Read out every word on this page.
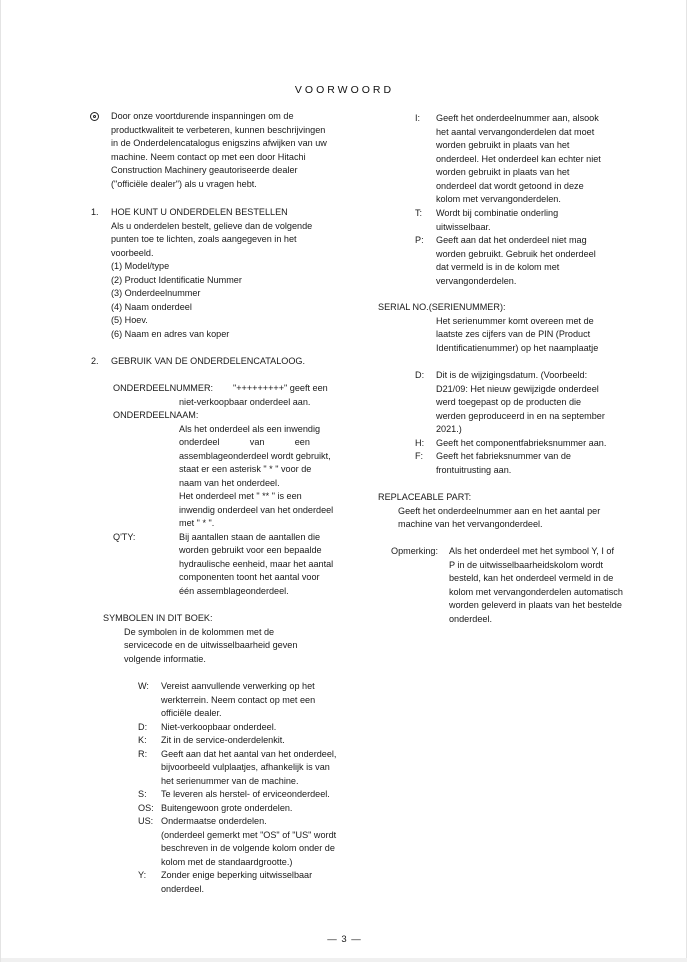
VOORWOORD
Door onze voortdurende inspanningen om de
productkwaliteit te verbeteren, kunnen beschrijvingen
in de Onderdelencatalogus enigszins afwijken van uw
machine. Neem contact op met een door Hitachi
Construction Machinery geautoriseerde dealer
("officiële dealer") als u vragen hebt.
1. HOE KUNT U ONDERDELEN BESTELLEN
Als u onderdelen bestelt, gelieve dan de volgende
punten toe te lichten, zoals aangegeven in het
voorbeeld.
(1) Model/type
(2) Product Identificatie Nummer
(3) Onderdeelnummer
(4) Naam onderdeel
(5) Hoev.
(6) Naam en adres van koper
2. GEBRUIK VAN DE ONDERDELENCATALOOG.
ONDERDEELNUMMER: "+++++++++" geeft een
niet-verkoopbaar onderdeel aan.
ONDERDEELNAAM:
Als het onderdeel als een inwendig
onderdeel            van            een
assemblageonderdeel wordt gebruikt,
staat er een asterisk " * " voor de
naam van het onderdeel.
Het onderdeel met " ** " is een
inwendig onderdeel van het onderdeel
met " * ".
Q'TY:	Bij aantallen staan de aantallen die
worden gebruikt voor een bepaalde
hydraulische eenheid, maar het aantal
componenten toont het aantal voor
één assemblageonderdeel.
SYMBOLEN IN DIT BOEK:
De symbolen in de kolommen met de
servicecode en de uitwisselbaarheid geven
volgende informatie.
W: Vereist aanvullende verwerking op het
werkterrein. Neem contact op met een
officiële dealer.
D: Niet-verkoopbaar onderdeel.
K: Zit in de service-onderdelenkit.
R: Geeft aan dat het aantal van het onderdeel,
bijvoorbeeld vulplaatjes, afhankelijk is van
het serienummer van de machine.
S: Te leveren als herstel- of erviceonderdeel.
OS: Buitengewoon grote onderdelen.
US: Ondermaatse onderdelen.
(onderdeel gemerkt met "OS" of "US" wordt
beschreven in de volgende kolom onder de
kolom met de standaardgrootte.)
Y: Zonder enige beperking uitwisselbaar
onderdeel.
I: Geeft het onderdeelnummer aan, alsook
het aantal vervangonderdelen dat moet
worden gebruikt in plaats van het
onderdeel. Het onderdeel kan echter niet
worden gebruikt in plaats van het
onderdeel dat wordt getoond in deze
kolom met vervangonderdelen.
T: Wordt bij combinatie onderling
uitwisselbaar.
P: Geeft aan dat het onderdeel niet mag
worden gebruikt. Gebruik het onderdeel
dat vermeld is in de kolom met
vervangonderdelen.
SERIAL NO.(SERIENUMMER):
Het serienummer komt overeen met de
laatste zes cijfers van de PIN (Product
Identificatienummer) op het naamplaatje
D: Dit is de wijzigingsdatum. (Voorbeeld:
D21/09: Het nieuw gewijzigde onderdeel
werd toegepast op de producten die
werden geproduceerd in en na september
2021.)
H: Geeft het componentfabrieksnummer aan.
F: Geeft het fabrieksnummer van de
frontuitrusting aan.
REPLACEABLE PART:
Geeft het onderdeelnummer aan en het aantal per
machine van het vervangonderdeel.
Opmerking: Als het onderdeel met het symbool Y, I of
P in de uitwisselbaarheidskolom wordt
besteld, kan het onderdeel vermeld in de
kolom met vervangonderdelen automatisch
worden geleverd in plaats van het bestelde
onderdeel.
— 3 —
